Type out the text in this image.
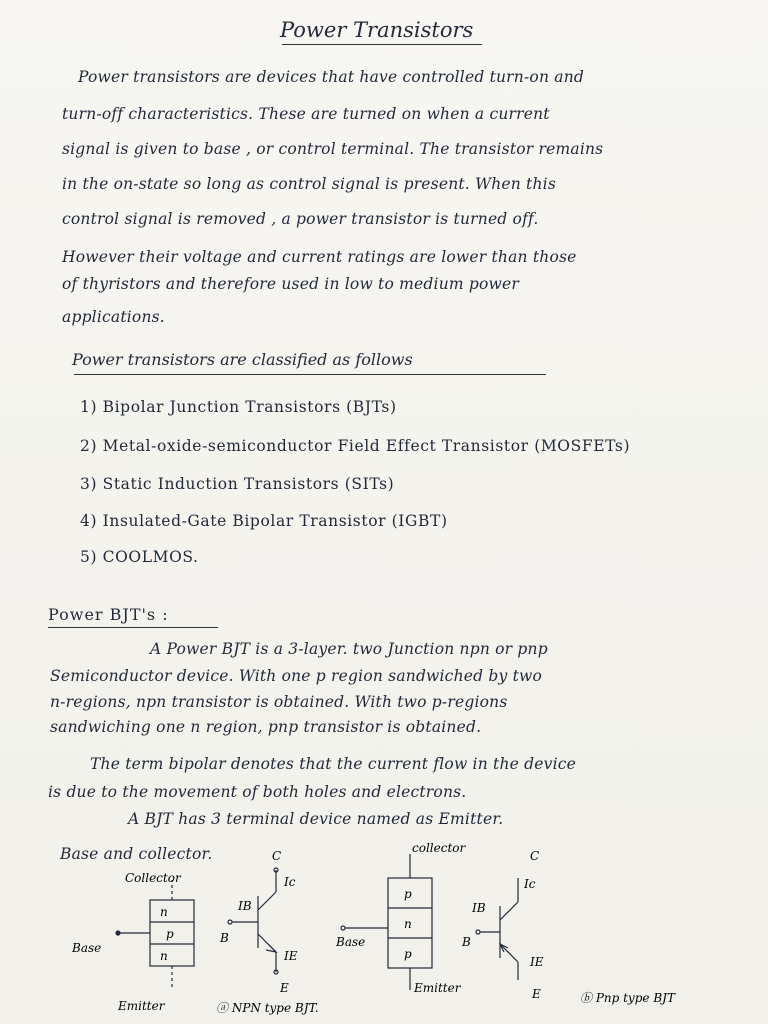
Power Transistors
Power transistors are devices that have controlled turn-on and
turn-off characteristics. These are turned on when a current
signal is given to base , or control terminal. The transistor remains
in the on-state so long as control signal is present. When this
control signal is removed , a power transistor is turned off.
However their voltage and current ratings are lower than those
of thyristors and therefore used in low to medium power
applications.
Power transistors are classified as follows
1) Bipolar Junction Transistors (BJTs)
2) Metal-oxide-semiconductor Field Effect Transistor (MOSFETs)
3) Static Induction Transistors (SITs)
4) Insulated-Gate Bipolar Transistor (IGBT)
5) COOLMOS.
Power BJT's :
A Power BJT is a 3-layer. two Junction npn or pnp
Semiconductor device. With one p region sandwiched by two
n-regions, npn transistor is obtained. With two p-regions
sandwiching one n region, pnp transistor is obtained.
The term bipolar denotes that the current flow in the device
is due to the movement of both holes and electrons.
A BJT has 3 terminal device named as Emitter.
Base and collector.
n
p
n
Collector
Base
Emitter
C
Ic
IB
B
IE
E
ⓐ NPN type BJT.
p
n
p
collector
Base
Emitter
C
Ic
IB
B
IE
E	ⓑ Pnp type BJT
